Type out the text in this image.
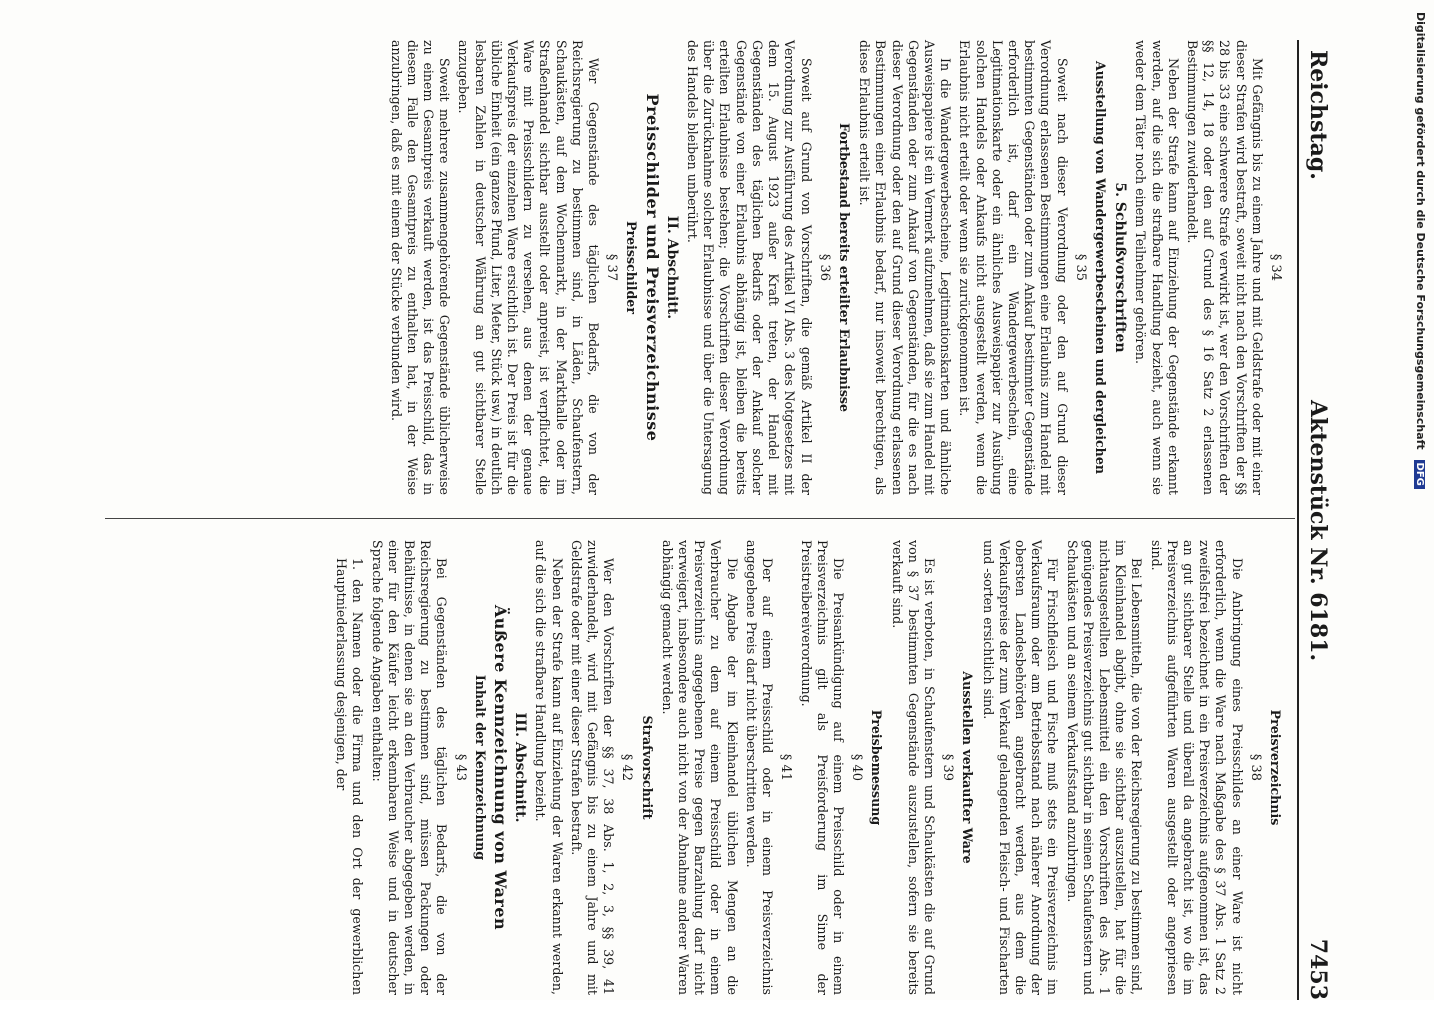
Reichstag.
Aktenstück Nr. 6181.
7453

§ 34

Mit Gefängnis bis zu einem Jahre und mit Geldstrafe oder mit einer dieser Strafen wird bestraft, soweit nicht nach den Vorschriften der §§ 28 bis 33 eine schwerere Strafe verwirkt ist, wer den Vorschriften der §§ 12, 14, 18 oder den auf Grund des § 16 Satz 2 erlassenen Bestimmungen zuwiderhandelt.

Neben der Strafe kann auf Einziehung der Gegenstände erkannt werden, auf die sich die strafbare Handlung bezieht, auch wenn sie weder dem Täter noch einem Teilnehmer gehören.

5. Schlußvorschriften

Ausstellung von Wandergewerbescheinen und dergleichen

§ 35

Soweit nach dieser Verordnung oder den auf Grund dieser Verordnung erlassenen Bestimmungen eine Erlaubnis zum Handel mit bestimmten Gegenständen oder zum Ankauf bestimmter Gegenstände erforderlich ist, darf ein Wandergewerbeschein, eine Legitimationskarte oder ein ähnliches Ausweispapier zur Ausübung solchen Handels oder Ankaufs nicht ausgestellt werden, wenn die Erlaubnis nicht erteilt oder wenn sie zurückgenommen ist.

In die Wandergewerbescheine, Legitimationskarten und ähnliche Ausweispapiere ist ein Vermerk aufzunehmen, daß sie zum Handel mit Gegenständen oder zum Ankauf von Gegenständen, für die es nach dieser Verordnung oder den auf Grund dieser Verordnung erlassenen Bestimmungen einer Erlaubnis bedarf, nur insoweit berechtigen, als diese Erlaubnis erteilt ist.

Fortbestand bereits erteilter Erlaubnisse

§ 36

Soweit auf Grund von Vorschriften, die gemäß Artikel II der Verordnung zur Ausführung des Artikel VI Abs. 3 des Notgesetzes mit dem 15. August 1923 außer Kraft treten, der Handel mit Gegenständen des täglichen Bedarfs oder der Ankauf solcher Gegenstände von einer Erlaubnis abhängig ist, bleiben die bereits erteilten Erlaubnisse bestehen; die Vorschriften dieser Verordnung über die Zurücknahme solcher Erlaubnisse und über die Untersagung des Handels bleiben unberührt.

II. Abschnitt.

Preisschilder und Preisverzeichnisse

Preisschilder

§ 37

Wer Gegenstände des täglichen Bedarfs, die von der Reichsregierung zu bestimmen sind, in Läden, Schaufenstern, Schaukästen, auf dem Wochenmarkt, in der Markthalle oder im Straßenhandel sichtbar ausstellt oder anpreist, ist verpflichtet, die Ware mit Preisschildern zu versehen, aus denen der genaue Verkaufspreis der einzelnen Ware ersichtlich ist. Der Preis ist für die übliche Einheit (ein ganzes Pfund, Liter, Meter, Stück usw.) in deutlich lesbaren Zahlen in deutscher Währung an gut sichtbarer Stelle anzugeben.

Soweit mehrere zusammengehörende Gegenstände üblicherweise zu einem Gesamtpreis verkauft werden, ist das Preisschild, das in diesem Falle den Gesamtpreis zu enthalten hat, in der Weise anzubringen, daß es mit einem der Stücke verbunden wird.

Preisverzeichnis

§ 38

Die Anbringung eines Preisschildes an einer Ware ist nicht erforderlich, wenn die Ware nach Maßgabe des § 37 Abs. 1 Satz 2 zweifelsfrei bezeichnet in ein Preisverzeichnis aufgenommen ist, das an gut sichtbarer Stelle und überall da angebracht ist, wo die im Preisverzeichnis aufgeführten Waren ausgestellt oder angepriesen sind.

Bei Lebensmitteln, die von der Reichsregierung zu bestimmen sind, im Kleinhandel abgibt, ohne sie sichtbar auszustellen, hat für die nichtausgestellten Lebensmittel ein den Vorschriften des Abs. 1 genügendes Preisverzeichnis gut sichtbar in seinen Schaufenstern und Schaukästen und an seinem Verkaufsstand anzubringen.

Für Frischfleisch und Fische muß stets ein Preisverzeichnis im Verkaufsraum oder am Betriebsstand nach näherer Anordnung der obersten Landesbehörden angebracht werden, aus dem die Verkaufspreise der zum Verkauf gelangenden Fleisch- und Fischarten und -sorten ersichtlich sind.

Ausstellen verkaufter Ware

§ 39

Es ist verboten, in Schaufenstern und Schaukästen die auf Grund von § 37 bestimmten Gegenstände auszustellen, sofern sie bereits verkauft sind.

Preisbemessung

§ 40

Die Preisankündigung auf einem Preisschild oder in einem Preisverzeichnis gilt als Preisforderung im Sinne der Preistreibereiverordnung.

§ 41

Der auf einem Preisschild oder in einem Preisverzeichnis angegebene Preis darf nicht überschritten werden.

Die Abgabe der im Kleinhandel üblichen Mengen an die Verbraucher zu dem auf einem Preisschild oder in einem Preisverzeichnis angegebenen Preise gegen Barzahlung darf nicht verweigert, insbesondere auch nicht von der Abnahme anderer Waren abhängig gemacht werden.

Strafvorschrift

§ 42

Wer den Vorschriften der §§ 37, 38 Abs. 1, 2, 3, §§ 39, 41 zuwiderhandelt, wird mit Gefängnis bis zu einem Jahre und mit Geldstrafe oder mit einer dieser Strafen bestraft.

Neben der Strafe kann auf Einziehung der Waren erkannt werden, auf die sich die strafbare Handlung bezieht.

III. Abschnitt.

Äußere Kennzeichnung von Waren

Inhalt der Kennzeichnung

§ 43

Bei Gegenständen des täglichen Bedarfs, die von der Reichsregierung zu bestimmen sind, müssen Packungen oder Behältnisse, in denen sie an den Verbraucher abgegeben werden, in einer für den Käufer leicht erkennbaren Weise und in deutscher Sprache folgende Angaben enthalten:

1. den Namen oder die Firma und den Ort der gewerblichen Hauptniederlassung desjenigen, der

Digitalisierung gefördert durch die Deutsche Forschungsgemeinschaft DFG
